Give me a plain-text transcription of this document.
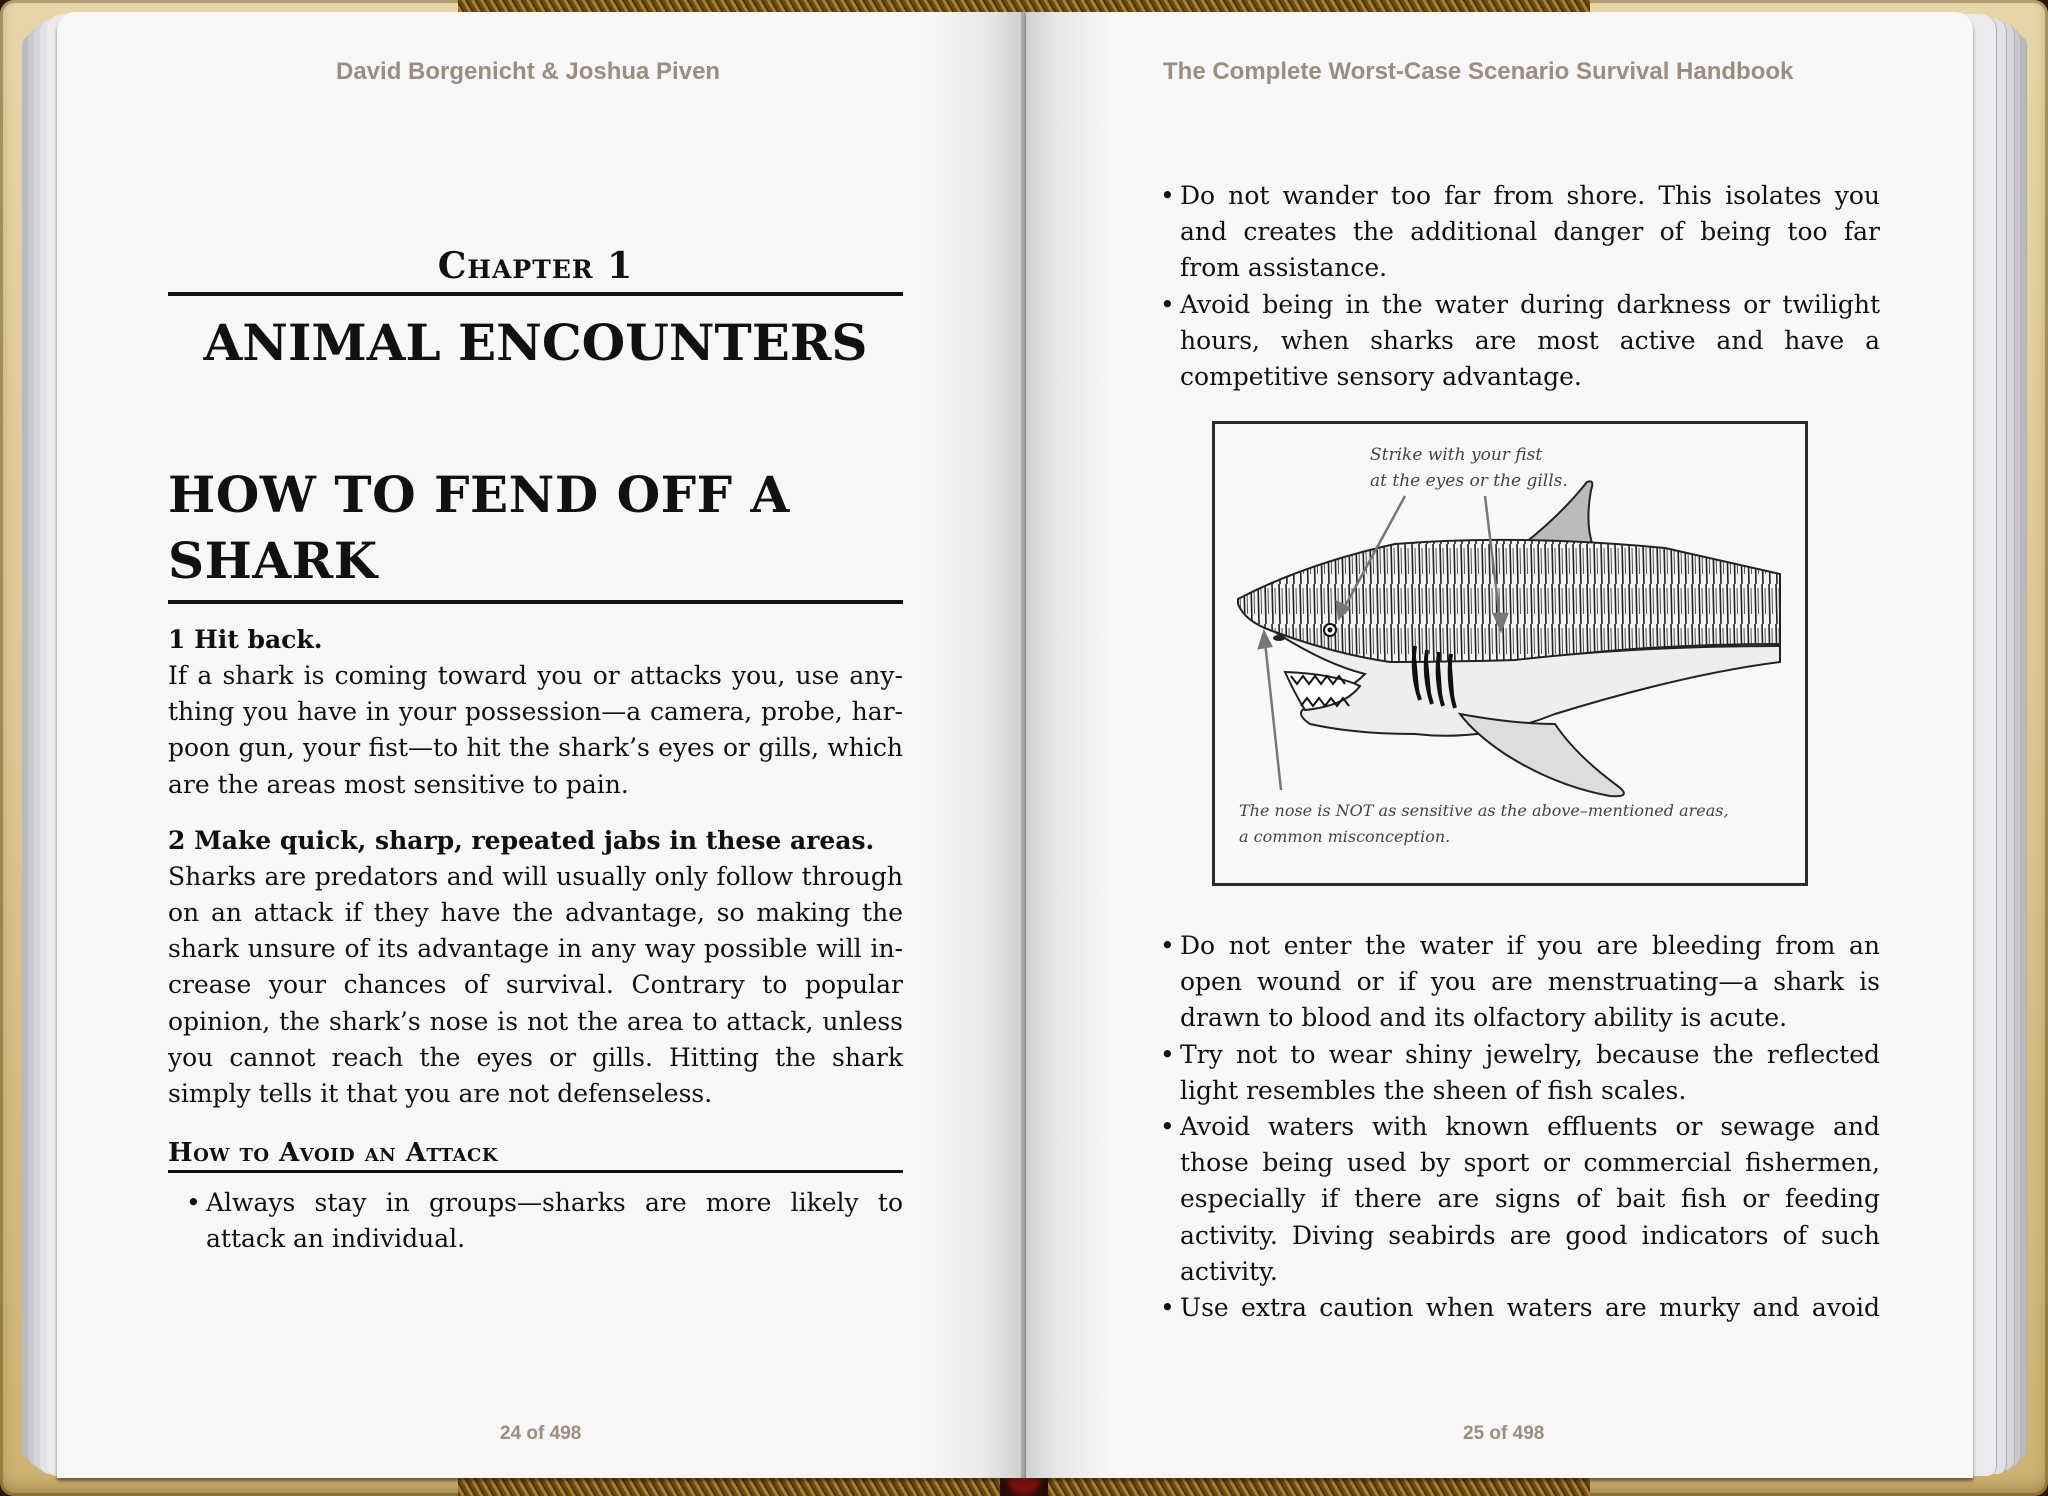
David Borgenicht & Joshua Piven
Chapter 1
ANIMAL ENCOUNTERS
HOW TO FEND OFF A SHARK
1 Hit back.
If a shark is coming toward you or attacks you, use anything you have in your possession—a camera, probe, harpoon gun, your fist—to hit the shark’s eyes or gills, which are the areas most sensitive to pain.
2 Make quick, sharp, repeated jabs in these areas.
Sharks are predators and will usually only follow through on an attack if they have the advantage, so making the shark unsure of its advantage in any way possible will increase your chances of survival. Contrary to popular opinion, the shark’s nose is not the area to attack, unless you cannot reach the eyes or gills. Hitting the shark simply tells it that you are not defenseless.
How to Avoid an Attack
• Always stay in groups—sharks are more likely to attack an individual.
24 of 498
The Complete Worst-Case Scenario Survival Handbook
• Do not wander too far from shore. This isolates you and creates the additional danger of being too far from assistance.
• Avoid being in the water during darkness or twilight hours, when sharks are most active and have a competitive sensory advantage.
Strike with your fist
at the eyes or the gills.
The nose is NOT as sensitive as the above–mentioned areas,
a common misconception.
• Do not enter the water if you are bleeding from an open wound or if you are menstruating—a shark is drawn to blood and its olfactory ability is acute.
• Try not to wear shiny jewelry, because the reflected light resembles the sheen of fish scales.
• Avoid waters with known effluents or sewage and those being used by sport or commercial fishermen, especially if there are signs of bait fish or feeding activity. Diving seabirds are good indicators of such activity.
• Use extra caution when waters are murky and avoid
25 of 498
